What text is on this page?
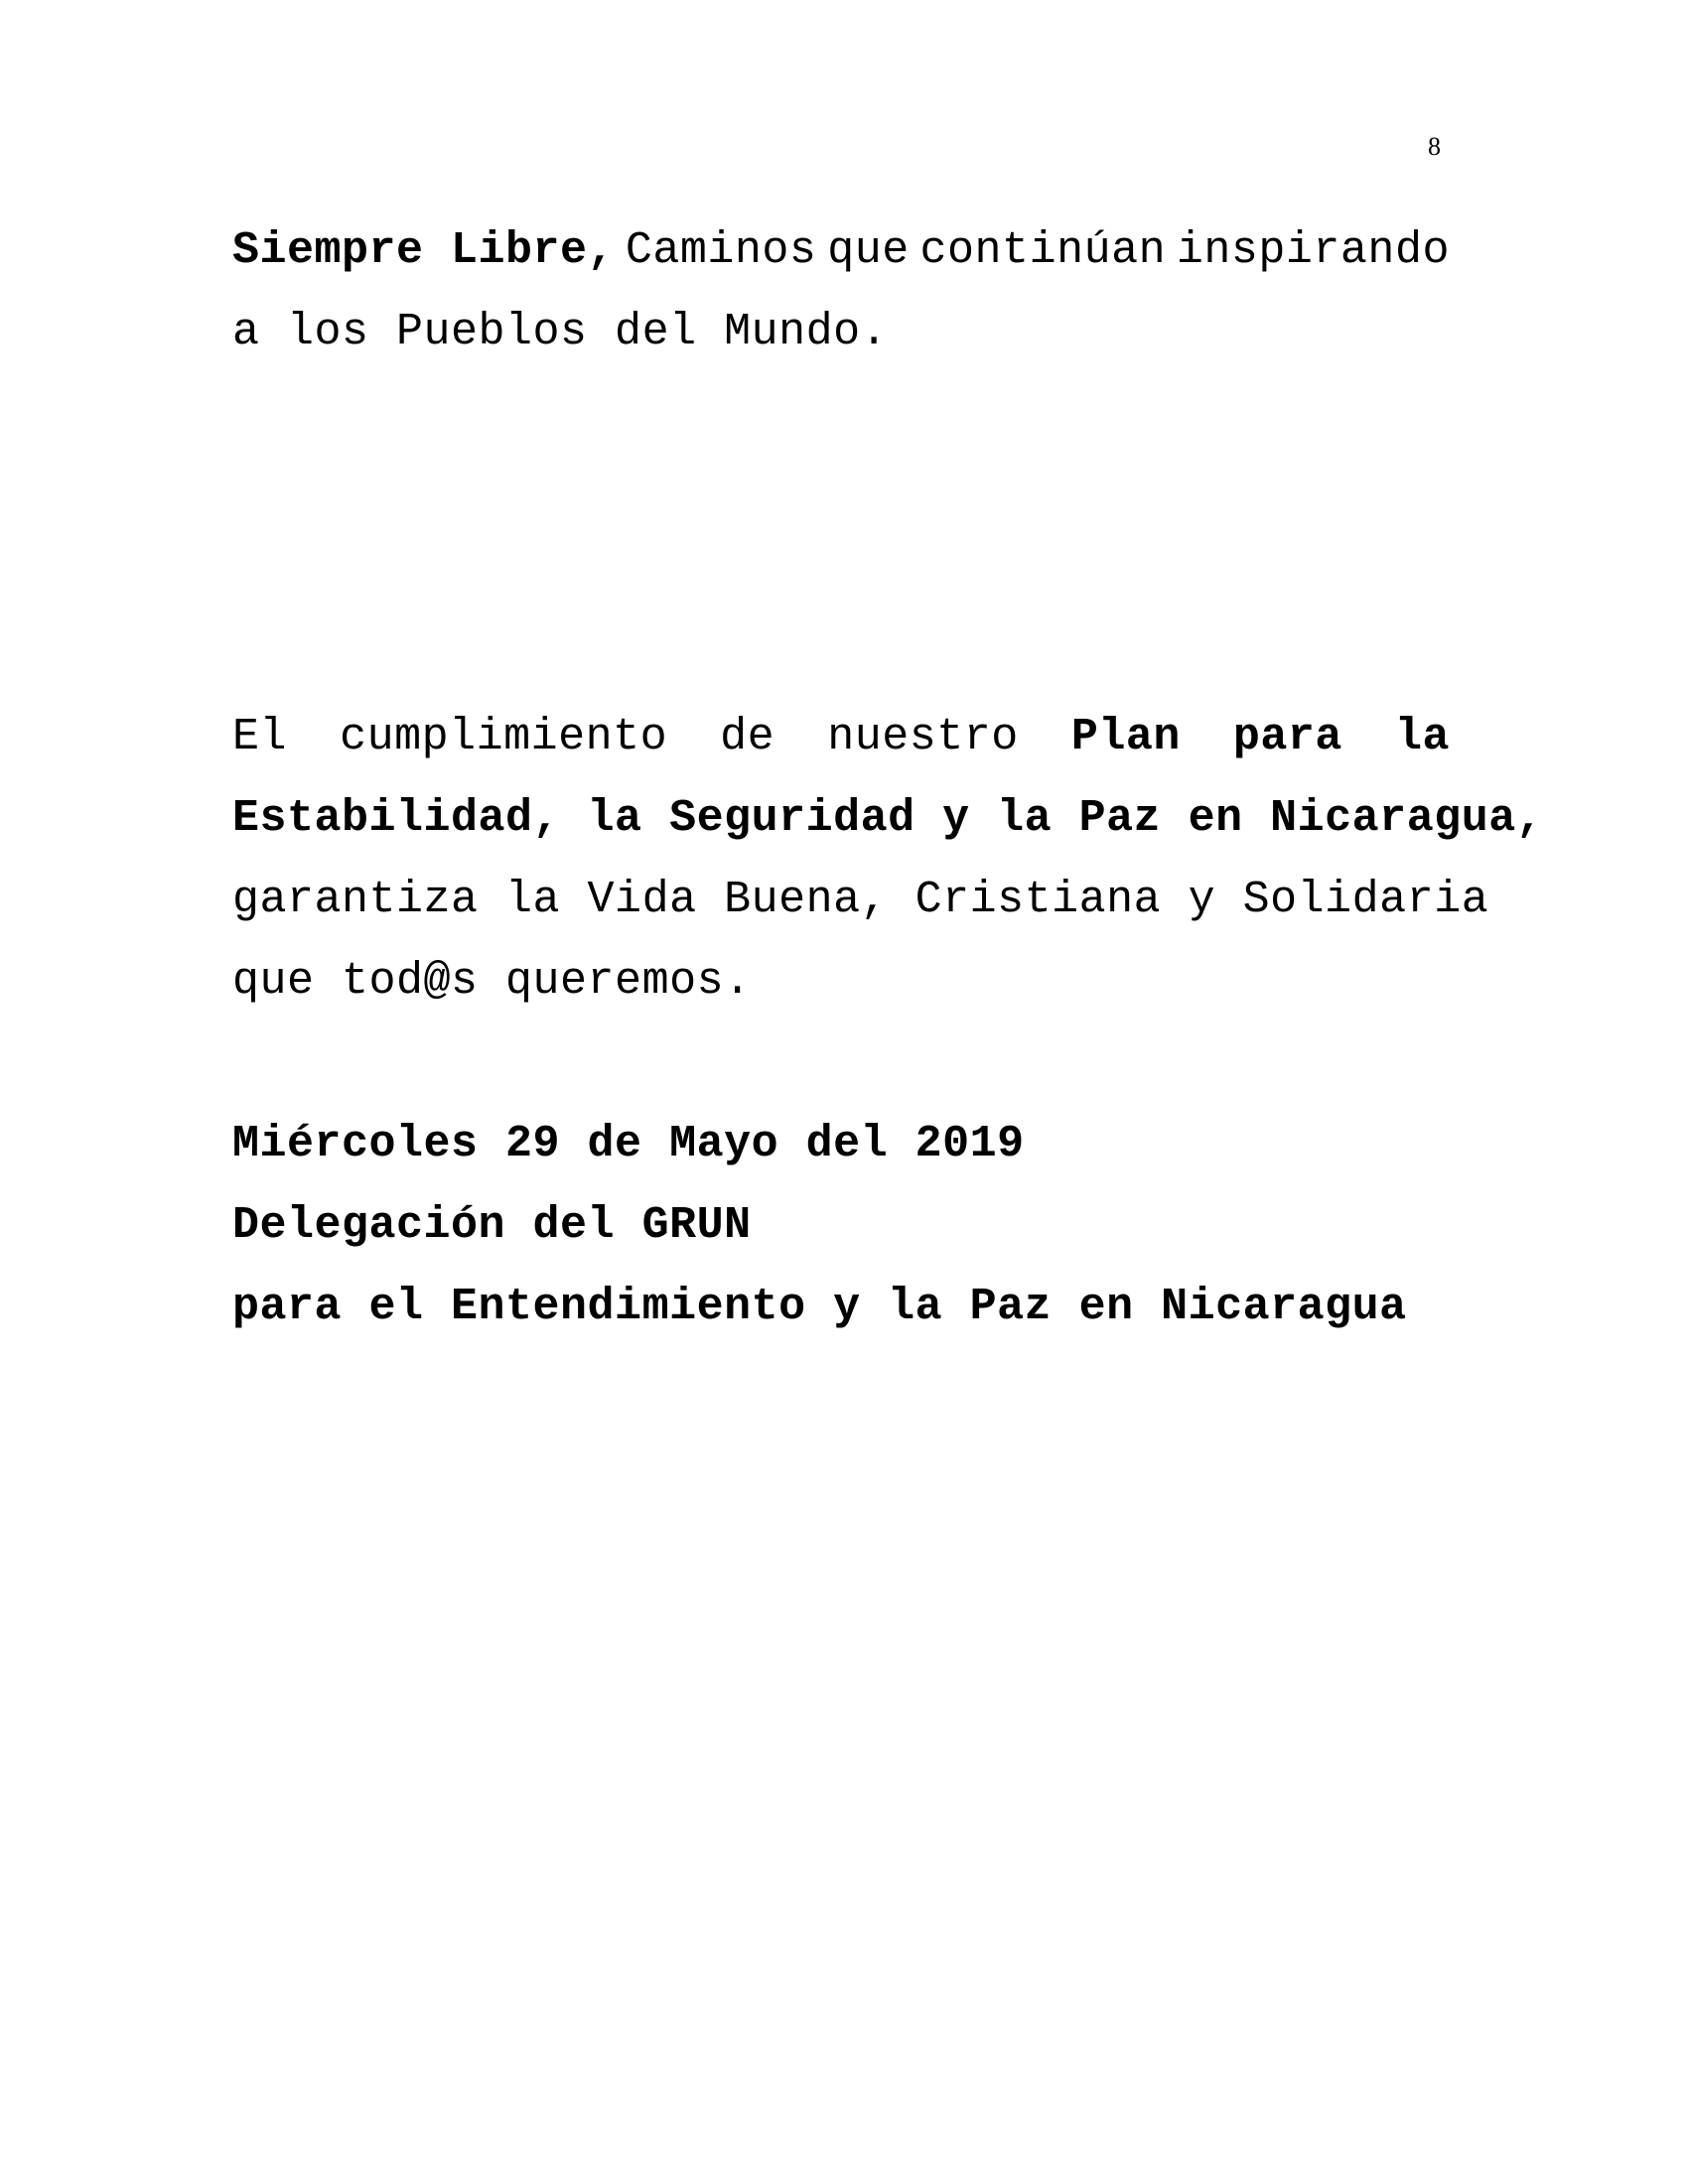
8
Siempre Libre, Caminos que continúan inspirando
a los Pueblos del Mundo.
El cumplimiento de nuestro Plan para la
Estabilidad, la Seguridad y la Paz en Nicaragua,
garantiza la Vida Buena, Cristiana y Solidaria
que tod@s queremos.
Miércoles 29 de Mayo del 2019
Delegación del GRUN
para el Entendimiento y la Paz en Nicaragua
